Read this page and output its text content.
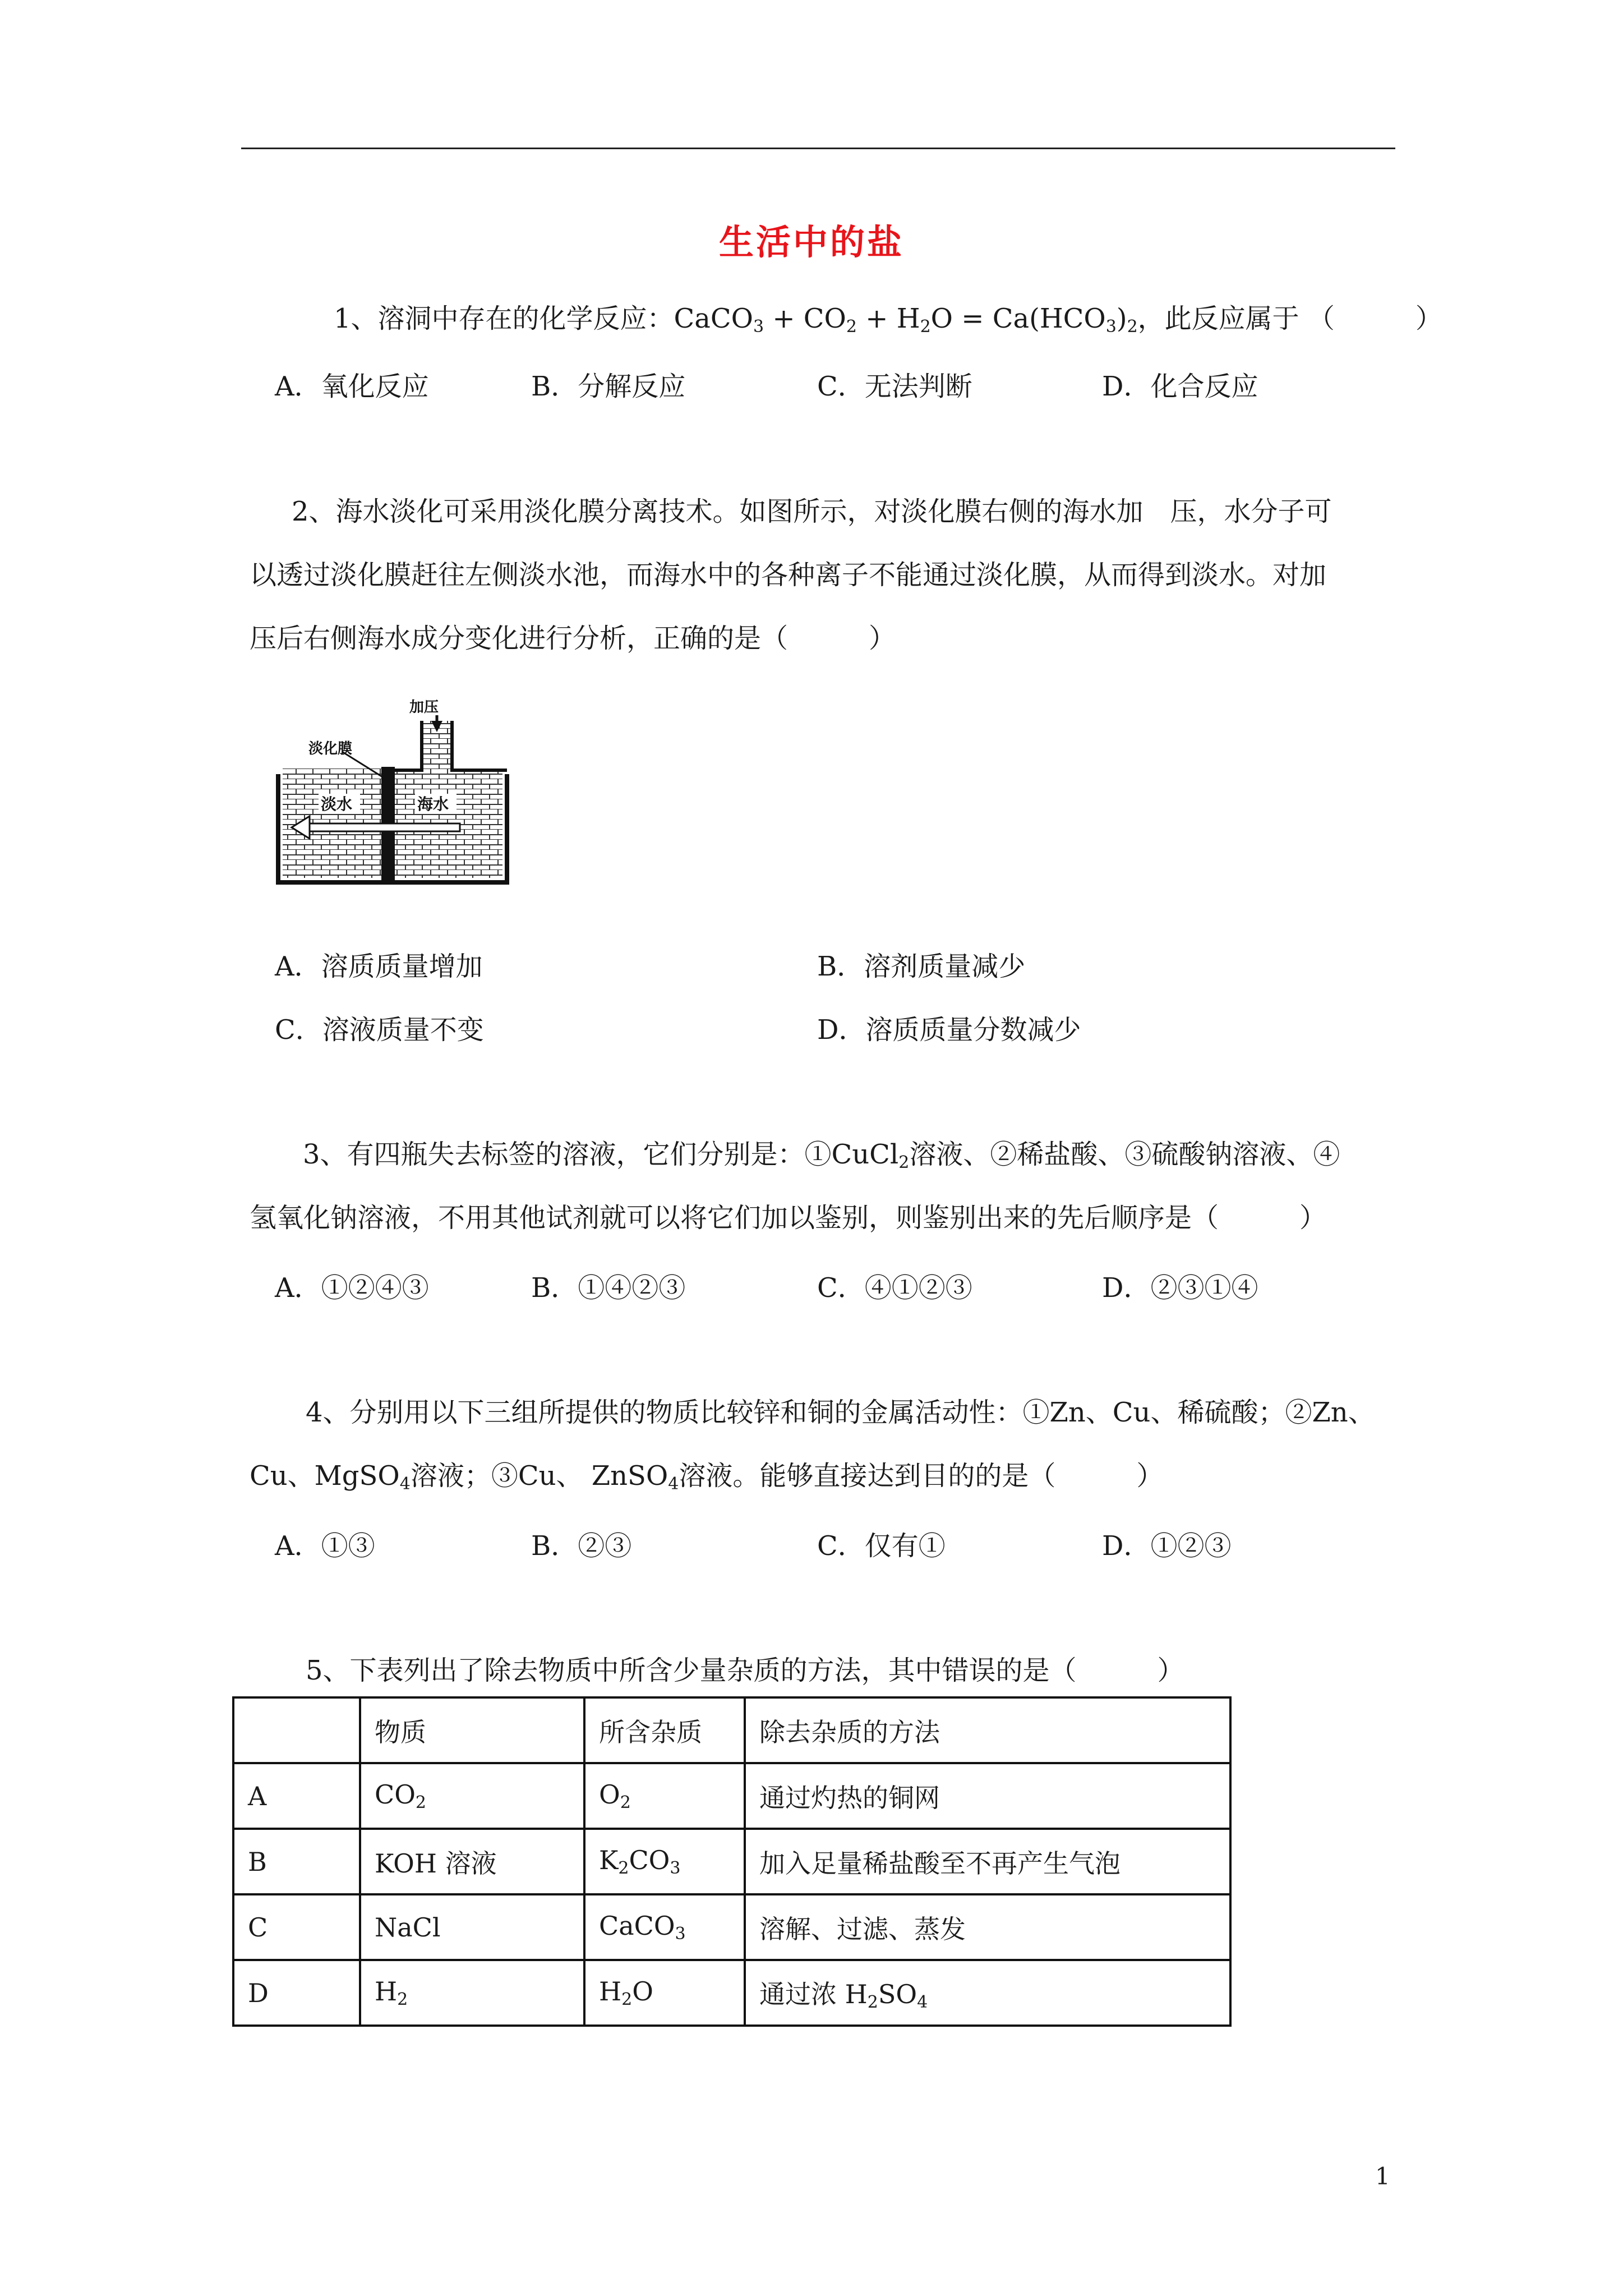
生活中的盐
1、溶洞中存在的化学反应：CaCO$_3$ + $CO_2 + H_2O = Ca(HCO_3)_2$，此反应属于 （　　　）
A．氧化反应	B．分解反应	C．无法判断	D．化合反应
2、海水淡化可采用淡化膜分离技术。如图所示，对淡化膜右侧的海水加　压，水分子可
以透过淡化膜赶往左侧淡水池，而海水中的各种离子不能通过淡化膜，从而得到淡水。对加
压后右侧海水成分变化进行分析，正确的是（　　　）
加压
淡化膜
淡水	海水
A．溶质质量增加	B．溶剂质量减少
C．溶液质量不变	D．溶质质量分数减少
3、有四瓶失去标签的溶液，它们分别是：①CuCl$_2$溶液、②稀盐酸、③硫酸钠溶液、④
氢氧化钠溶液，不用其他试剂就可以将它们加以鉴别，则鉴别出来的先后顺序是（　　　）
A．①②④③	B．①④②③	C．④①②③	D．②③①④
4、分别用以下三组所提供的物质比较锌和铜的金属活动性：①Zn、Cu、稀硫酸；②Zn、
Cu、MgSO$_4$溶液；③Cu、 ZnSO$_4$溶液。能够直接达到目的的是（　　　）
A．①③	B．②③	C．仅有①	D．①②③
5、下表列出了除去物质中所含少量杂质的方法，其中错误的是（　　　）
	物质	所含杂质	除去杂质的方法
A	$CO_2$	$O_2$	通过灼热的铜网
B	KOH 溶液	$K_2CO_3$	加入足量稀盐酸至不再产生气泡
C	NaCl	CaCO$_3$	溶解、过滤、蒸发
D	$H_2$	$H_2O$	通过浓 $H_2SO_4$
1
